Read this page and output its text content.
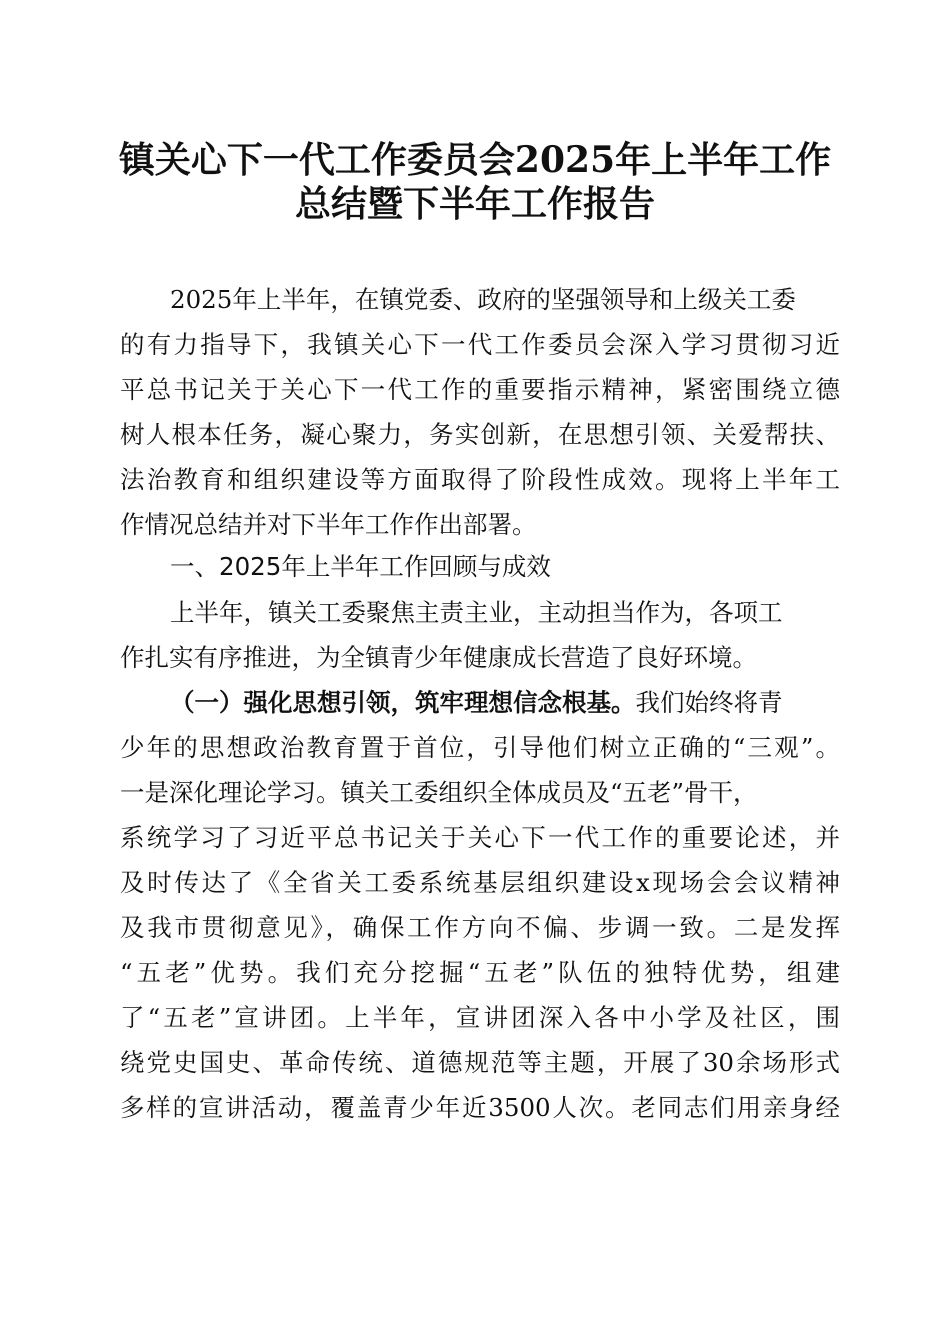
镇关心下一代工作委员会2025年上半年工作
总结暨下半年工作报告
2025年上半年，在镇党委、政府的坚强领导和上级关工委
的有力指导下，我镇关心下一代工作委员会深入学习贯彻习近
平总书记关于关心下一代工作的重要指示精神，紧密围绕立德
树人根本任务，凝心聚力，务实创新，在思想引领、关爱帮扶、
法治教育和组织建设等方面取得了阶段性成效。现将上半年工
作情况总结并对下半年工作作出部署。
一、2025年上半年工作回顾与成效
上半年，镇关工委聚焦主责主业，主动担当作为，各项工
作扎实有序推进，为全镇青少年健康成长营造了良好环境。
（一）强化思想引领，筑牢理想信念根基。我们始终将青
少年的思想政治教育置于首位，引导他们树立正确的“三观”。
一是深化理论学习。镇关工委组织全体成员及“五老”骨干，
系统学习了习近平总书记关于关心下一代工作的重要论述，并
及时传达了《全省关工委系统基层组织建设x现场会会议精神
及我市贯彻意见》，确保工作方向不偏、步调一致。二是发挥
“五老”优势。我们充分挖掘“五老”队伍的独特优势，组建
了“五老”宣讲团。上半年，宣讲团深入各中小学及社区，围
绕党史国史、革命传统、道德规范等主题，开展了30余场形式
多样的宣讲活动，覆盖青少年近3500人次。老同志们用亲身经
